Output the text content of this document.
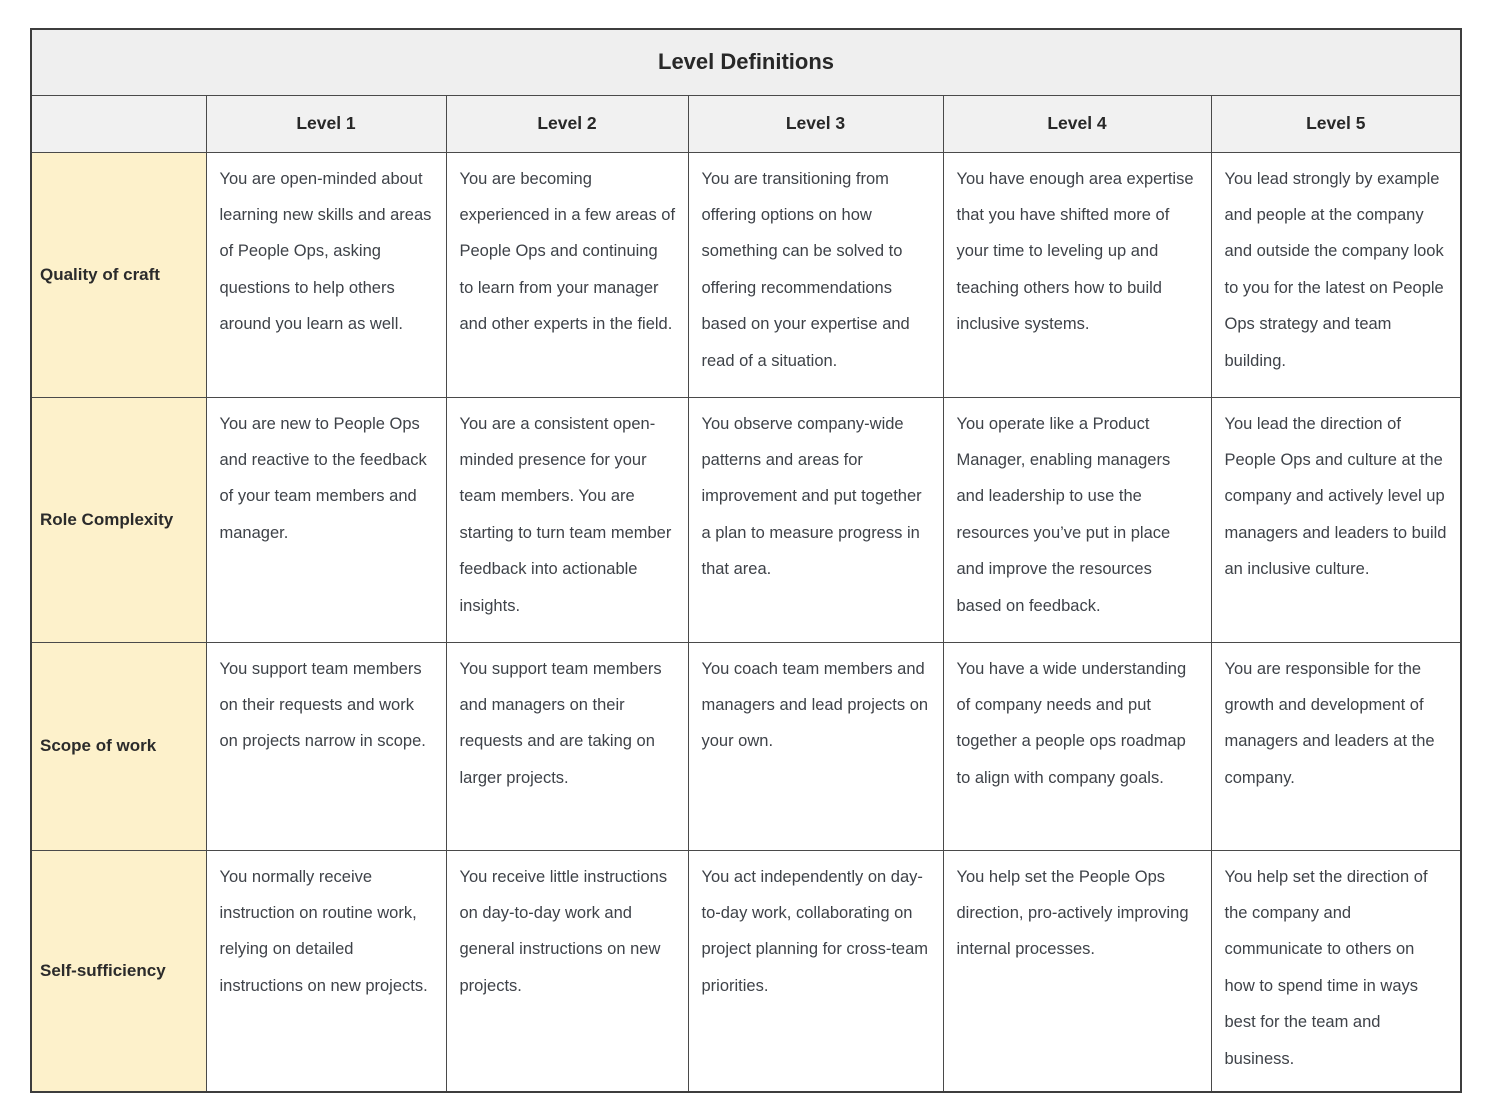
Level Definitions					
	Level 1	Level 2	Level 3	Level 4	Level 5
Quality of craft	You are open-minded about learning new skills and areas of People Ops, asking questions to help others around you learn as well.	You are becoming experienced in a few areas of People Ops and continuing to learn from your manager and other experts in the field.	You are transitioning from offering options on how something can be solved to offering recommendations based on your expertise and read of a situation.	You have enough area expertise that you have shifted more of your time to leveling up and teaching others how to build inclusive systems.	You lead strongly by example and people at the company and outside the company look to you for the latest on People Ops strategy and team building.
Role Complexity	You are new to People Ops and reactive to the feedback of your team members and manager.	You are a consistent open-minded presence for your team members. You are starting to turn team member feedback into actionable insights.	You observe company-wide patterns and areas for improvement and put together a plan to measure progress in that area.	You operate like a Product Manager, enabling managers and leadership to use the resources you’ve put in place and improve the resources based on feedback.	You lead the direction of People Ops and culture at the company and actively level up managers and leaders to build an inclusive culture.
Scope of work	You support team members on their requests and work on projects narrow in scope.	You support team members and managers on their requests and are taking on larger projects.	You coach team members and managers and lead projects on your own.	You have a wide understanding of company needs and put together a people ops roadmap to align with company goals.	You are responsible for the growth and development of managers and leaders at the company.
Self-sufficiency	You normally receive instruction on routine work, relying on detailed instructions on new projects.	You receive little instructions on day-to-day work and general instructions on new projects.	You act independently on day-to-day work, collaborating on project planning for cross-team priorities.	You help set the People Ops direction, pro-actively improving internal processes.	You help set the direction of the company and communicate to others on how to spend time in ways best for the team and business.
